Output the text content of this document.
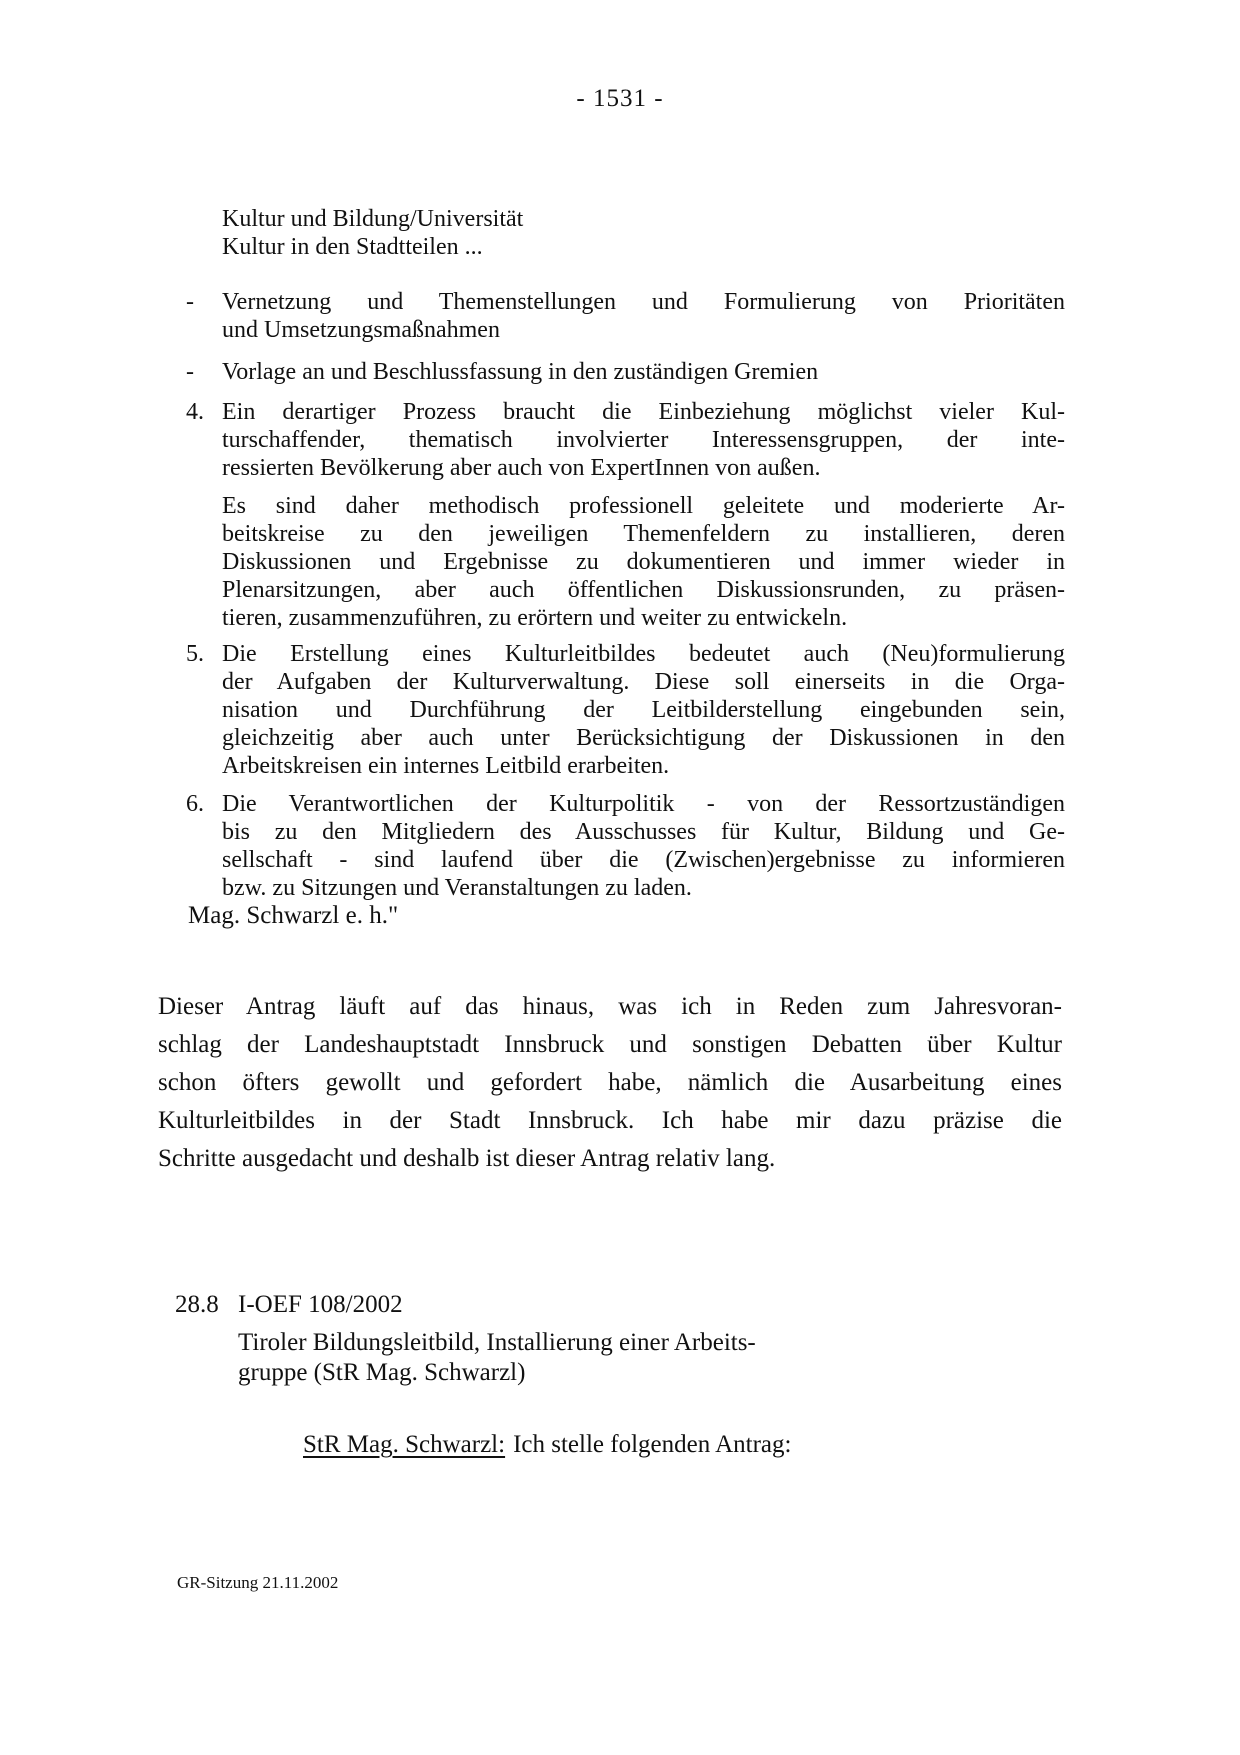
- 1531 -
Kultur und Bildung/Universität
Kultur in den Stadtteilen ...
-	Vernetzung und Themenstellungen und Formulierung von Prioritäten
und Umsetzungsmaßnahmen
-	Vorlage an und Beschlussfassung in den zuständigen Gremien
4. Ein derartiger Prozess braucht die Einbeziehung möglichst vieler Kul-
turschaffender, thematisch involvierter Interessensgruppen, der inte-
ressierten Bevölkerung aber auch von ExpertInnen von außen.
Es sind daher methodisch professionell geleitete und moderierte Ar-
beitskreise zu den jeweiligen Themenfeldern zu installieren, deren
Diskussionen und Ergebnisse zu dokumentieren und immer wieder in
Plenarsitzungen, aber auch öffentlichen Diskussionsrunden, zu präsen-
tieren, zusammenzuführen, zu erörtern und weiter zu entwickeln.
5. Die Erstellung eines Kulturleitbildes bedeutet auch (Neu)formulierung
der Aufgaben der Kulturverwaltung. Diese soll einerseits in die Orga-
nisation und Durchführung der Leitbilderstellung eingebunden sein,
gleichzeitig aber auch unter Berücksichtigung der Diskussionen in den
Arbeitskreisen ein internes Leitbild erarbeiten.
6. Die Verantwortlichen der Kulturpolitik - von der Ressortzuständigen
bis zu den Mitgliedern des Ausschusses für Kultur, Bildung und Ge-
sellschaft - sind laufend über die (Zwischen)ergebnisse zu informieren
bzw. zu Sitzungen und Veranstaltungen zu laden.
Mag. Schwarzl e. h."
Dieser Antrag läuft auf das hinaus, was ich in Reden zum Jahresvoran-
schlag der Landeshauptstadt Innsbruck und sonstigen Debatten über Kultur
schon öfters gewollt und gefordert habe, nämlich die Ausarbeitung eines
Kulturleitbildes in der Stadt Innsbruck. Ich habe mir dazu präzise die
Schritte ausgedacht und deshalb ist dieser Antrag relativ lang.
28.8 I-OEF 108/2002
Tiroler Bildungsleitbild, Installierung einer Arbeits-
gruppe (StR Mag. Schwarzl)
StR Mag. Schwarzl: Ich stelle folgenden Antrag:
GR-Sitzung 21.11.2002
